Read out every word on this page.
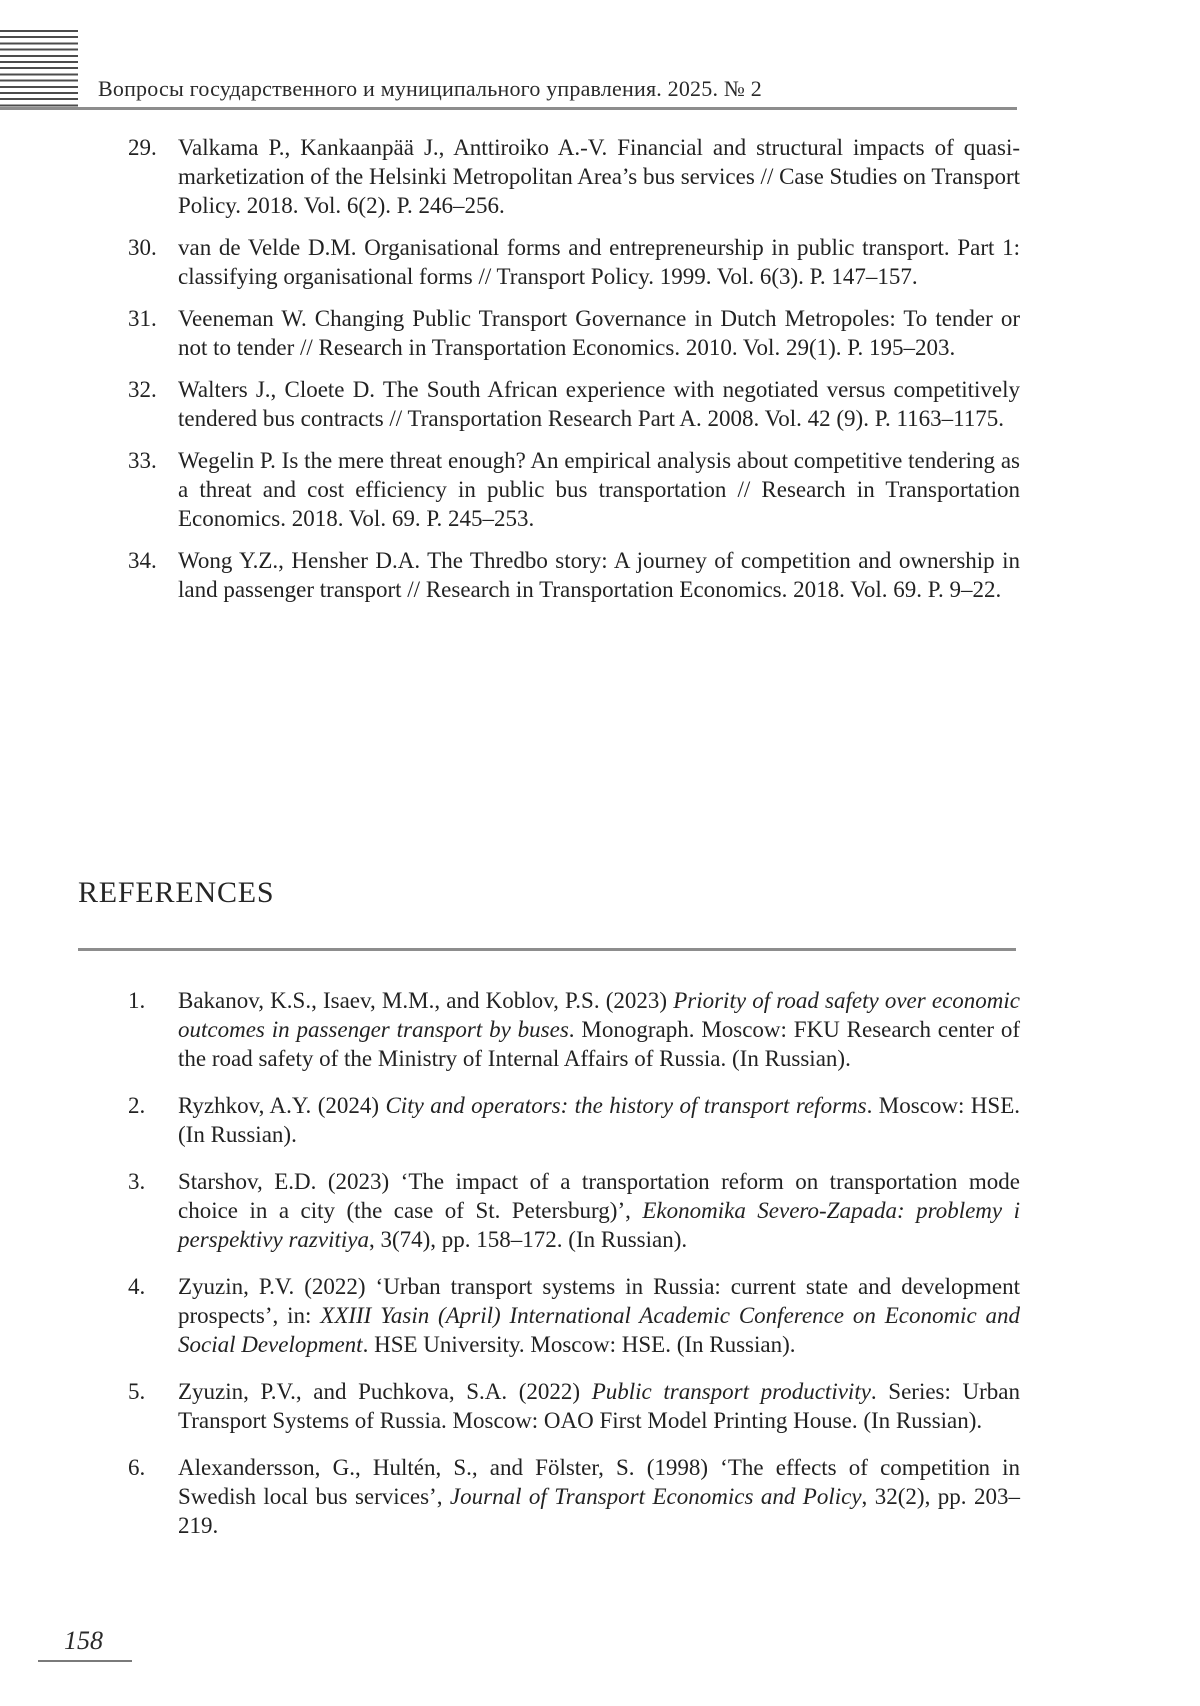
Вопросы государственного и муниципального управления. 2025. № 2
29. Valkama P., Kankaanpää J., Anttiroiko A.-V. Financial and structural impacts of quasi-marketization of the Helsinki Metropolitan Area’s bus services // Case Studies on Transport Policy. 2018. Vol. 6(2). P. 246–256.
30. van de Velde D.M. Organisational forms and entrepreneurship in public transport. Part 1: classifying organisational forms // Transport Policy. 1999. Vol. 6(3). P. 147–157.
31. Veeneman W. Changing Public Transport Governance in Dutch Metropoles: To tender or not to tender // Research in Transportation Economics. 2010. Vol. 29(1). P. 195–203.
32. Walters J., Cloete D. The South African experience with negotiated versus competitively tendered bus contracts // Transportation Research Part A. 2008. Vol. 42 (9). P. 1163–1175.
33. Wegelin P. Is the mere threat enough? An empirical analysis about competitive tendering as a threat and cost efficiency in public bus transportation // Research in Transportation Economics. 2018. Vol. 69. P. 245–253.
34. Wong Y.Z., Hensher D.A. The Thredbo story: A journey of competition and ownership in land passenger transport // Research in Transportation Economics. 2018. Vol. 69. P. 9–22.
REFERENCES
1.	Bakanov, K.S., Isaev, M.M., and Koblov, P.S. (2023) Priority of road safety over economic outcomes in passenger transport by buses. Monograph. Moscow: FKU Research center of the road safety of the Ministry of Internal Affairs of Russia. (In Russian).
2.	Ryzhkov, A.Y. (2024) City and operators: the history of transport reforms. Moscow: HSE. (In Russian).
3.	Starshov, E.D. (2023) ‘The impact of a transportation reform on transportation mode choice in a city (the case of St. Petersburg)’, Ekonomika Severo-Zapada: problemy i perspektivy razvitiya, 3(74), pp. 158–172. (In Russian).
4.	Zyuzin, P.V. (2022) ‘Urban transport systems in Russia: current state and development prospects’, in: XXIII Yasin (April) International Academic Conference on Economic and Social Development. HSE University. Moscow: HSE. (In Russian).
5.	Zyuzin, P.V., and Puchkova, S.A. (2022) Public transport productivity. Series: Urban Transport Systems of Russia. Moscow: OAO First Model Printing House. (In Russian).
6.	Alexandersson, G., Hultén, S., and Fölster, S. (1998) ‘The effects of competition in Swedish local bus services’, Journal of Transport Economics and Policy, 32(2), pp. 203–219.
158
